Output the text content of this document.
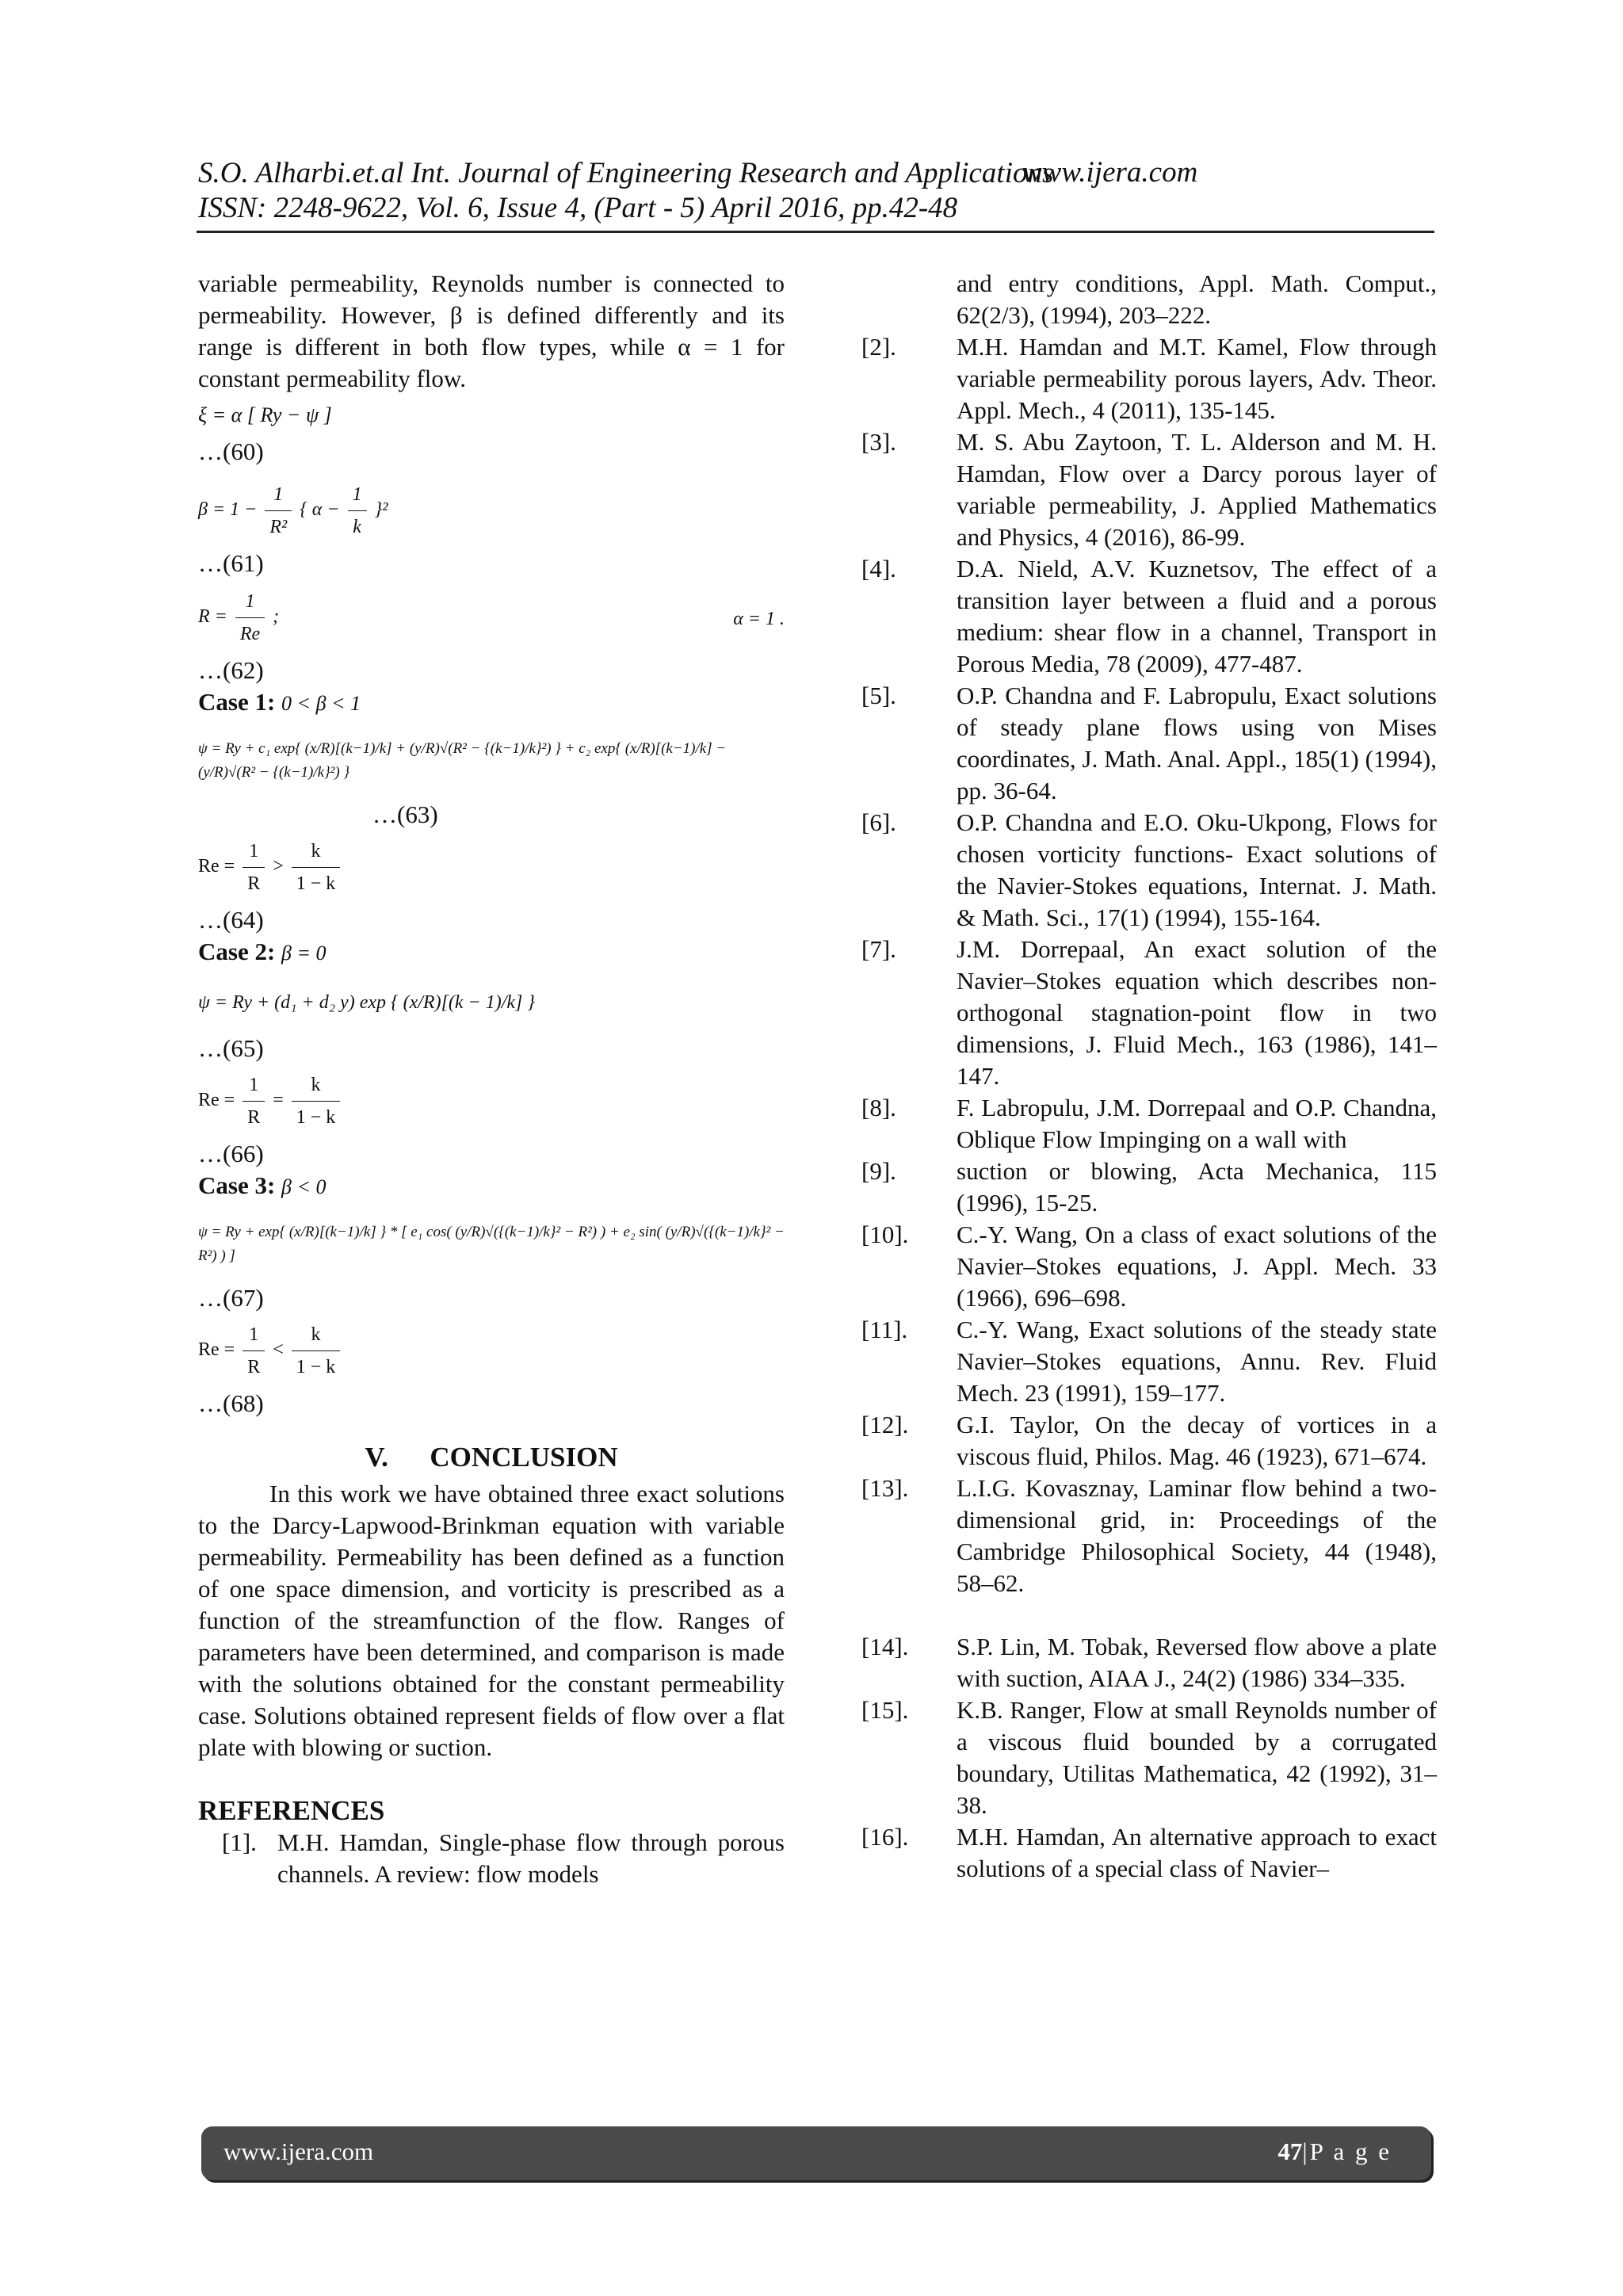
S.O. Alharbi.et.al Int. Journal of Engineering Research and Applications
www.ijera.com
ISSN: 2248-9622, Vol. 6, Issue 4, (Part - 5) April 2016, pp.42-48
variable permeability, Reynolds number is connected to permeability. However, β is defined differently and its range is different in both flow types, while α = 1 for constant permeability flow.
ξ = α [ Ry − ψ ]
…(60)
$\beta = 1 - \frac{1}{\text{R²}}$ { $\alpha - \frac{1}{k} \}^2$
…(61)
$R = \frac{1}{Re}$ ;	α = 1 .
…(62)
Case 1: 0 < β < 1
ψ = Ry + c₁ exp{ (x/R)[(k−1)/k] + (y/R)√(R² − {(k−1)/k}²) } + c₂ exp{ (x/R)[(k−1)/k] − (y/R)√(R² − {(k−1)/k}²) }
…(63)
$Re = \frac{1}{R} > \frac{k}{1 - k}$
…(64)
Case 2: β = 0
ψ = Ry + (d₁ + d₂ y) exp { (x/R)[(k − 1)/k] }
…(65)
$Re = \frac{1}{R} = \frac{k}{1 - k}$
…(66)
Case 3: β < 0
ψ = Ry + exp{ (x/R)[(k−1)/k] } * [ e₁ cos( (y/R)√({(k−1)/k}² − R²) ) + e₂ sin( (y/R)√({(k−1)/k}² − R²) ) ]
…(67)
$Re = \frac{1}{R} < \frac{k}{1 - k}$
…(68)
V.      CONCLUSION
In this work we have obtained three exact solutions to the Darcy-Lapwood-Brinkman equation with variable permeability. Permeability has been defined as a function of one space dimension, and vorticity is prescribed as a function of the streamfunction of the flow. Ranges of parameters have been determined, and comparison is made with the solutions obtained for the constant permeability case. Solutions obtained represent fields of flow over a flat plate with blowing or suction.
REFERENCES
[1]. M.H. Hamdan, Single-phase flow through porous channels. A review: flow models
and entry conditions, Appl. Math. Comput., 62(2/3), (1994), 203–222.
[2].	M.H. Hamdan and M.T. Kamel, Flow through variable permeability porous layers, Adv. Theor. Appl. Mech., 4 (2011), 135-145.
[3].	M. S. Abu Zaytoon, T. L. Alderson and M. H. Hamdan, Flow over a Darcy porous layer of variable permeability, J. Applied Mathematics and Physics, 4 (2016), 86-99.
[4].	D.A. Nield, A.V. Kuznetsov, The effect of a transition layer between a fluid and a porous medium: shear flow in a channel, Transport in Porous Media, 78 (2009), 477-487.
[5].	O.P. Chandna and F. Labropulu, Exact solutions of steady plane flows using von Mises coordinates, J. Math. Anal. Appl., 185(1) (1994), pp. 36-64.
[6].	O.P. Chandna and E.O. Oku-Ukpong, Flows for chosen vorticity functions- Exact solutions of the Navier-Stokes equations, Internat. J. Math. & Math. Sci., 17(1) (1994), 155-164.
[7].	J.M. Dorrepaal, An exact solution of the Navier–Stokes equation which describes non-orthogonal stagnation-point flow in two dimensions, J. Fluid Mech., 163 (1986), 141–147.
[8].	F. Labropulu, J.M. Dorrepaal and O.P. Chandna, Oblique Flow Impinging on a wall with
[9].	suction or blowing, Acta Mechanica, 115 (1996), 15-25.
[10].	C.-Y. Wang, On a class of exact solutions of the Navier–Stokes equations, J. Appl. Mech. 33 (1966), 696–698.
[11].	C.-Y. Wang, Exact solutions of the steady state Navier–Stokes equations, Annu. Rev. Fluid Mech. 23 (1991), 159–177.
[12].	G.I. Taylor, On the decay of vortices in a viscous fluid, Philos. Mag. 46 (1923), 671–674.
[13].	L.I.G. Kovasznay, Laminar flow behind a two-dimensional grid, in: Proceedings of the Cambridge Philosophical Society, 44 (1948), 58–62.
[14].	S.P. Lin, M. Tobak, Reversed flow above a plate with suction, AIAA J., 24(2) (1986) 334–335.
[15].	K.B. Ranger, Flow at small Reynolds number of a viscous fluid bounded by a corrugated boundary, Utilitas Mathematica, 42 (1992), 31–38.
[16].	M.H. Hamdan, An alternative approach to exact solutions of a special class of Navier–
www.ijera.com	47|P a g e
